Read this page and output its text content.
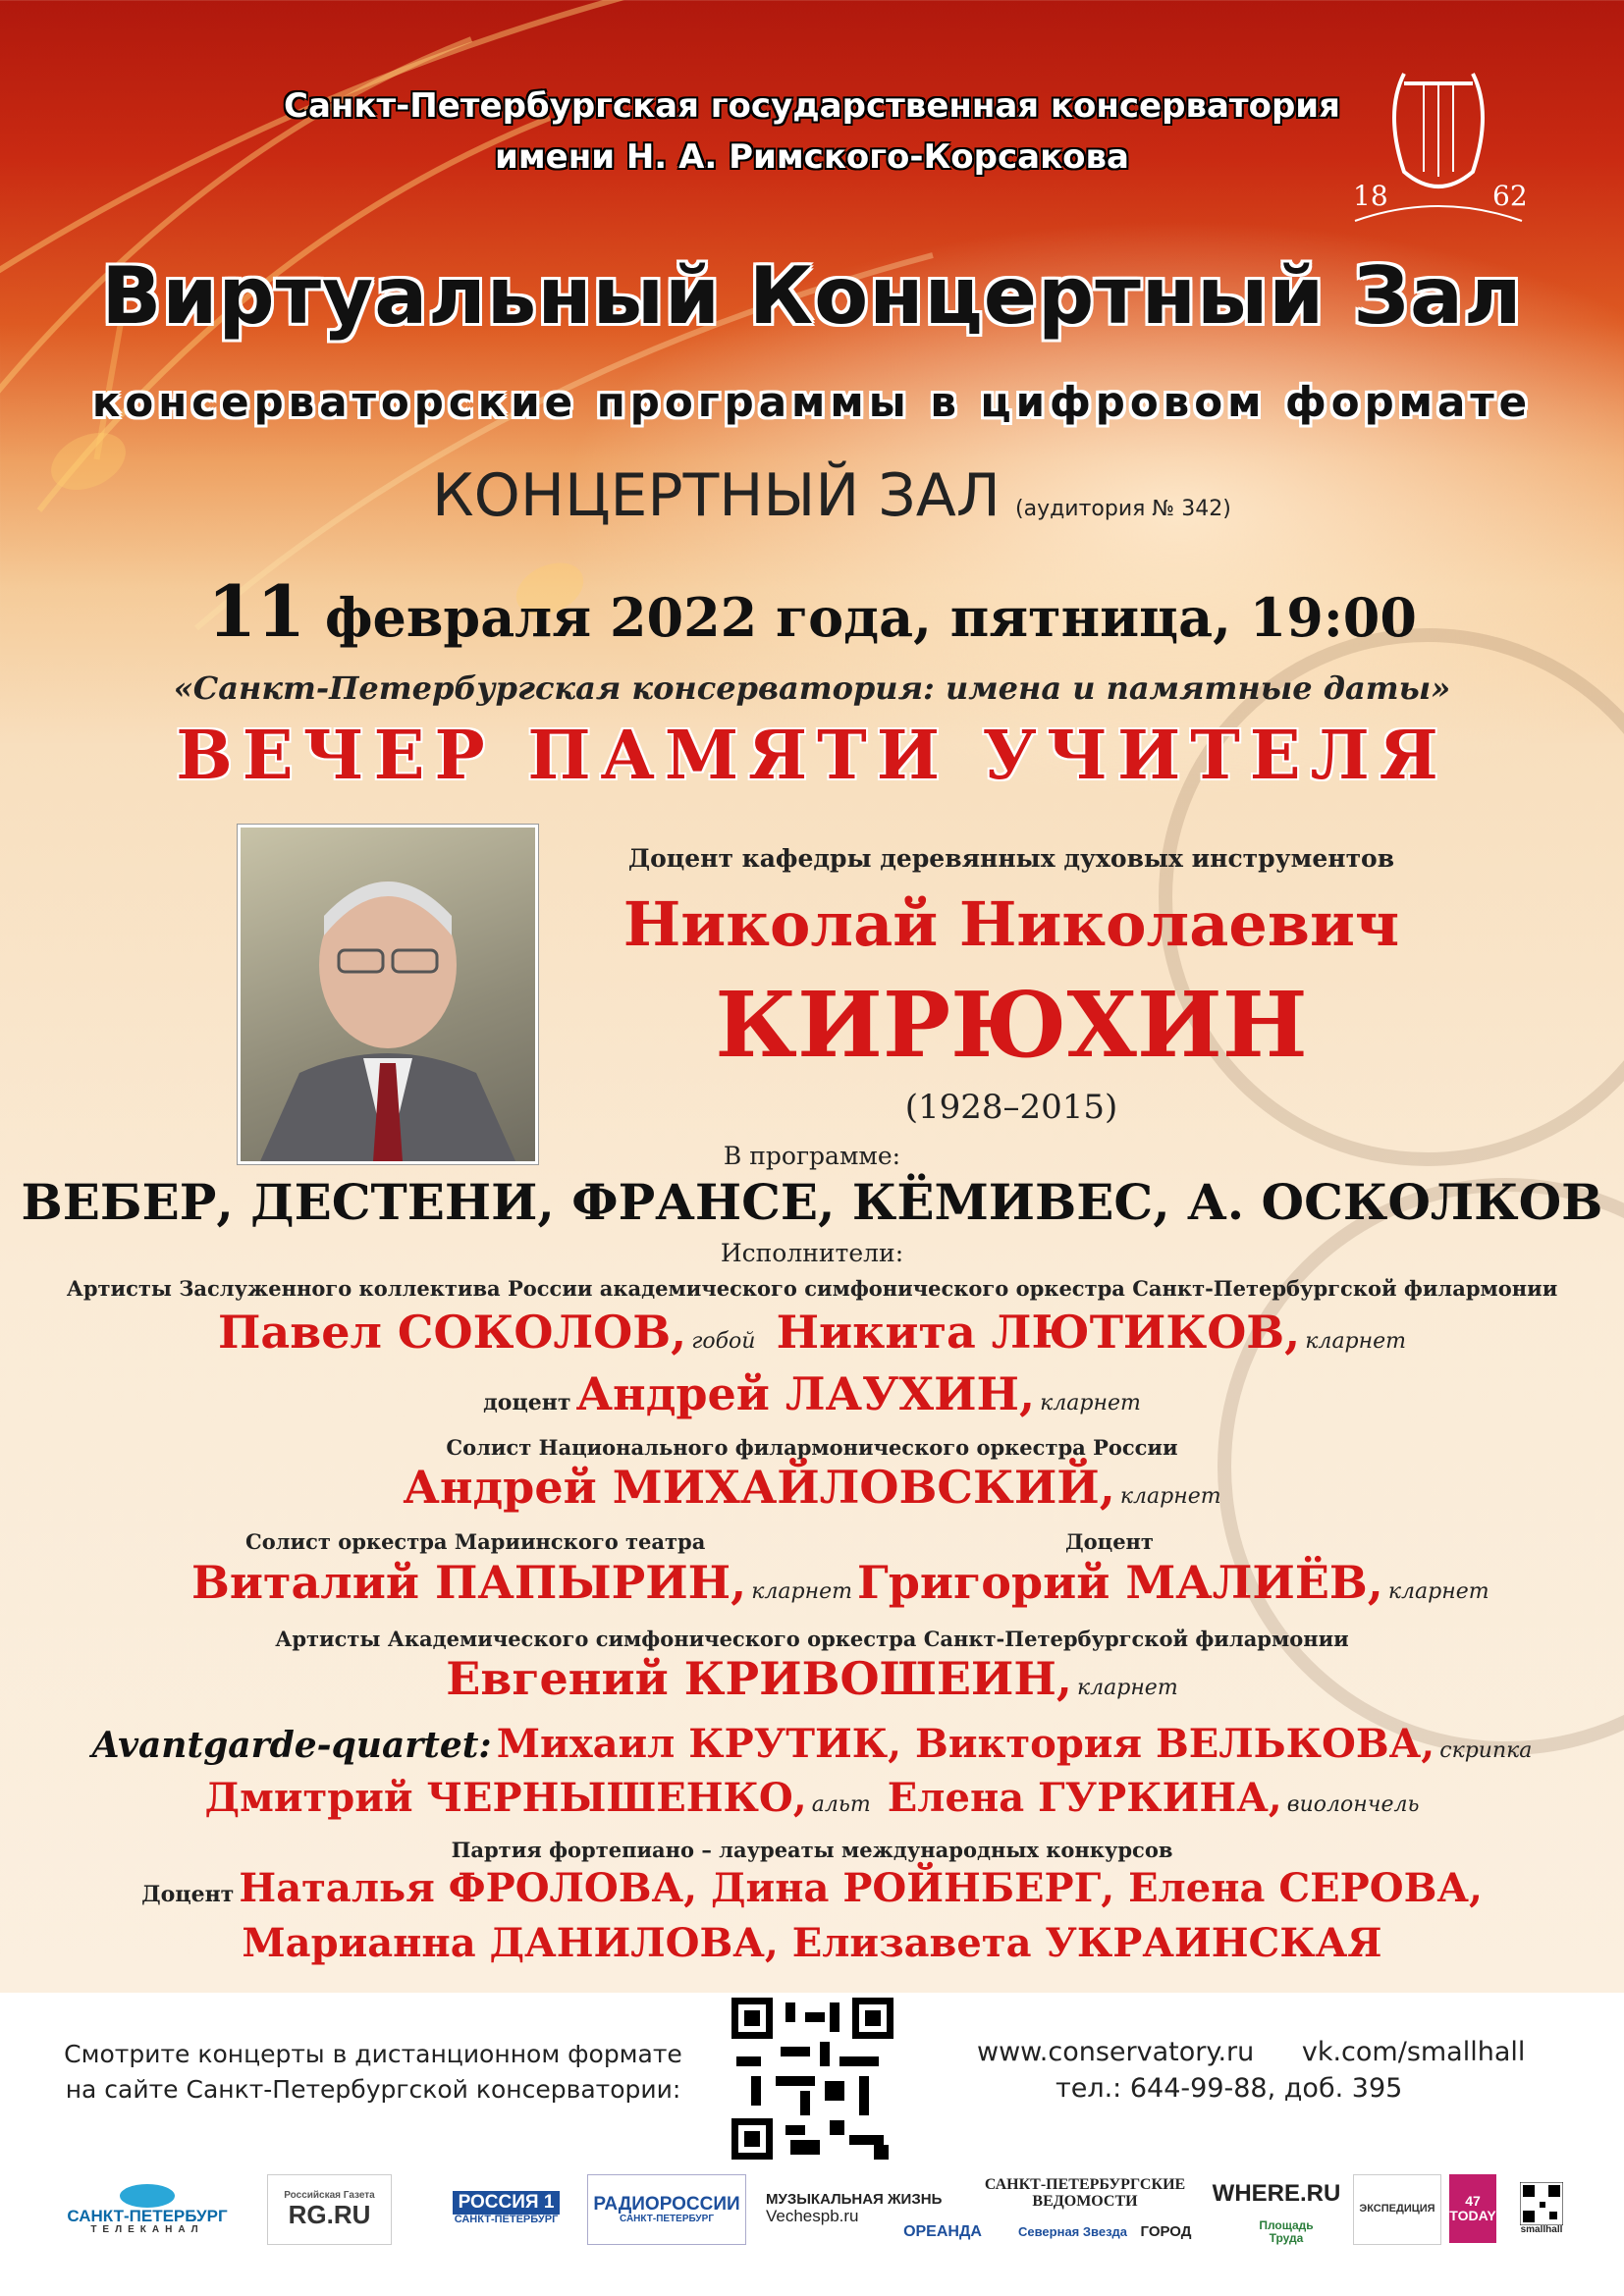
Санкт-Петербургская государственная консерватория
имени Н. А. Римского-Корсакова
18	62
Виртуальный Концертный Зал
консерваторские программы в цифровом формате
КОНЦЕРТНЫЙ ЗАЛ (аудитория № 342)
11 февраля 2022 года, пятница, 19:00
«Санкт-Петербургская консерватория: имена и памятные даты»
ВЕЧЕР ПАМЯТИ УЧИТЕЛЯ
Доцент кафедры деревянных духовых инструментов
Николай Николаевич
КИРЮХИН
(1928–2015)
В программе:
ВЕБЕР, ДЕСТЕНИ, ФРАНСЕ, КЁМИВЕС, А. ОСКОЛКОВ
Исполнители:
Артисты Заслуженного коллектива России академического симфонического оркестра Санкт-Петербургской филармонии
Павел СОКОЛОВ, гобой Никита ЛЮТИКОВ, кларнет
доцент Андрей ЛАУХИН, кларнет
Солист Национального филармонического оркестра России
Андрей МИХАЙЛОВСКИЙ, кларнет
Солист оркестра Мариинского театра	Доцент
Виталий ПАПЫРИН, кларнет Григорий МАЛИЁВ, кларнет
Артисты Академического симфонического оркестра Санкт-Петербургской филармонии
Евгений КРИВОШЕИН, кларнет
Avantgarde-quartet: Михаил КРУТИК, Виктория ВЕЛЬКОВА, скрипка
Дмитрий ЧЕРНЫШЕНКО, альт Елена ГУРКИНА, виолончель
Партия фортепиано – лауреаты международных конкурсов
Доцент Наталья ФРОЛОВА, Дина РОЙНБЕРГ, Елена СЕРОВА,
Марианна ДАНИЛОВА, Елизавета УКРАИНСКАЯ
Смотрите концерты в дистанционном формате
на сайте Санкт-Петербургской консерватории:
www.conservatory.ru vk.com/smallhall
тел.: 644-99-88, доб. 395
САНКТ-ПЕТЕРБУРГ
ТЕЛЕКАНАЛ
Российская Газета
RG.RU	РОССИЯ 1
САНКТ-ПЕТЕРБУРГ
РАДИОРОССИИ
САНКТ-ПЕТЕРБУРГ
МУЗЫКАЛЬНАЯ ЖИЗНЬ
Vechespb.ru
ОРЕАНДА
САНКТ-ПЕТЕРБУРГСКИЕ ВЕДОМОСТИ
Северная Звезда ГОРОД
WHERE.RU
Площадь Труда
ЭКСПЕДИЦИЯ	47 TODAY
smallhall
